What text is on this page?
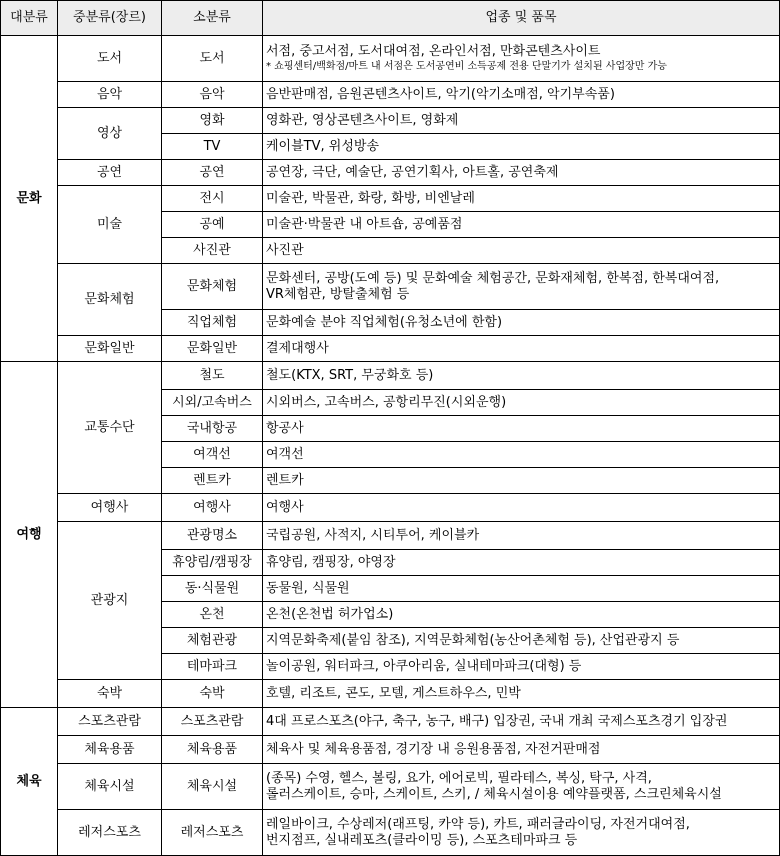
대분류	중분류(장르)	소분류	업종 및 품목
문화	도서	도서	서점, 중고서점, 도서대여점, 온라인서점, 만화콘텐츠사이트
* 쇼핑센터/백화점/마트 내 서점은 도서공연비 소득공제 전용 단말기가 설치된 사업장만 가능

	음악	음악	음반판매점, 음원콘텐츠사이트, 악기(악기소매점, 악기부속품)
	영상	영화	영화관, 영상콘텐츠사이트, 영화제
		TV	케이블TV, 위성방송
	공연	공연	공연장, 극단, 예술단, 공연기획사, 아트홀, 공연축제
	미술	전시	미술관, 박물관, 화랑, 화방, 비엔날레
		공예	미술관·박물관 내 아트숍, 공예품점
		사진관	사진관
	문화체험	문화체험	문화센터, 공방(도예 등) 및 문화예술 체험공간, 문화재체험, 한복점, 한복대여점,
VR체험관, 방탈출체험 등
		직업체험	문화예술 분야 직업체험(유청소년에 한함)
	문화일반	문화일반	결제대행사
여행	교통수단	철도	철도(KTX, SRT, 무궁화호 등)
		시외/고속버스	시외버스, 고속버스, 공항리무진(시외운행)
		국내항공	항공사
		여객선	여객선
		렌트카	렌트카
	여행사	여행사	여행사
	관광지	관광명소	국립공원, 사적지, 시티투어, 케이블카
		휴양림/캠핑장	휴양림, 캠핑장, 야영장
		동·식물원	동물원, 식물원
		온천	온천(온천법 허가업소)
		체험관광	지역문화축제(붙임 참조), 지역문화체험(농산어촌체험 등), 산업관광지 등
		테마파크	놀이공원, 워터파크, 아쿠아리움, 실내테마파크(대형) 등
	숙박	숙박	호텔, 리조트, 콘도, 모텔, 게스트하우스, 민박
체육	스포츠관람	스포츠관람	4대 프로스포츠(야구, 축구, 농구, 배구) 입장권, 국내 개최 국제스포츠경기 입장권
	체육용품	체육용품	체육사 및 체육용품점, 경기장 내 응원용품점, 자전거판매점
	체육시설	체육시설	(종목) 수영, 헬스, 볼링, 요가, 에어로빅, 필라테스, 복싱, 탁구, 사격,
롤러스케이트, 승마, 스케이트, 스키, / 체육시설이용 예약플랫폼, 스크린체육시설
	레저스포츠	레저스포츠	레일바이크, 수상레저(래프팅, 카약 등), 카트, 패러글라이딩, 자전거대여점,
번지점프, 실내레포츠(클라이밍 등), 스포츠테마파크 등
